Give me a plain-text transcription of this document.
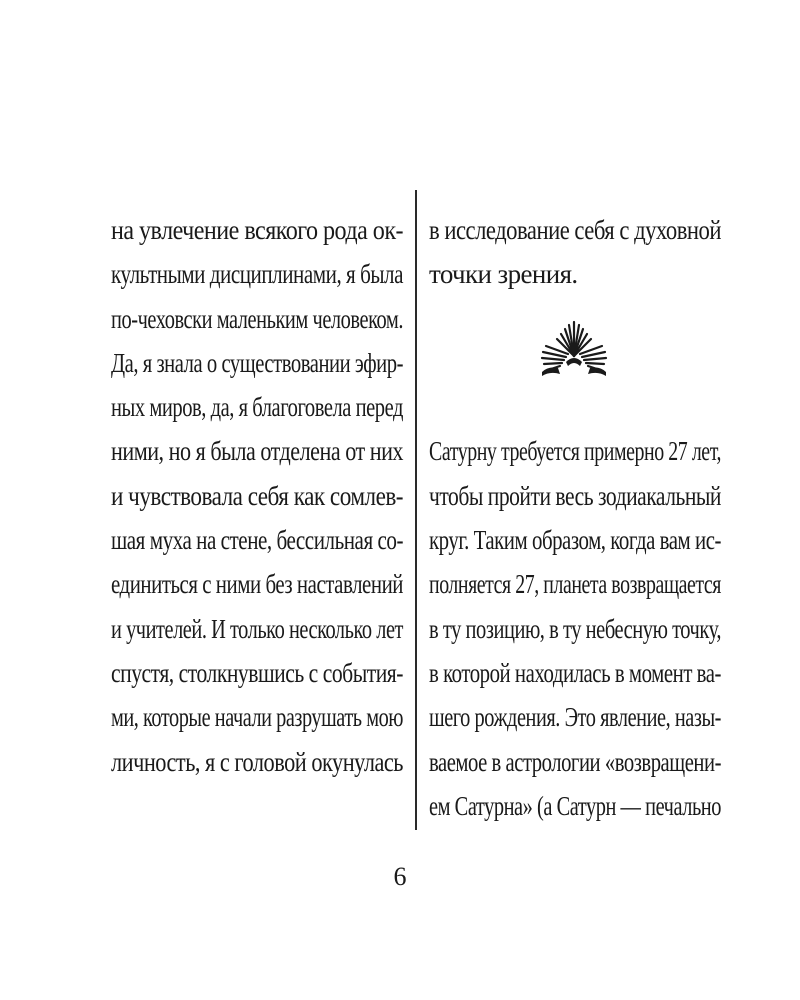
на увлечение всякого рода ок-
культными дисциплинами, я была
по-чеховски маленьким человеком.
Да, я знала о существовании эфир-
ных миров, да, я благоговела перед
ними, но я была отделена от них
и чувствовала себя как сомлев-
шая муха на стене, бессильная со-
единиться с ними без наставлений
и учителей. И только несколько лет
спустя, столкнувшись с события-
ми, которые начали разрушать мою
личность, я с головой окунулась
в исследование себя с духовной
точки зрения.
Сатурну требуется примерно 27 лет,
чтобы пройти весь зодиакальный
круг. Таким образом, когда вам ис-
полняется 27, планета возвращается
в ту позицию, в ту небесную точку,
в которой находилась в момент ва-
шего рождения. Это явление, назы-
ваемое в астрологии «возвращени-
ем Сатурна» (а Сатурн — печально
6
